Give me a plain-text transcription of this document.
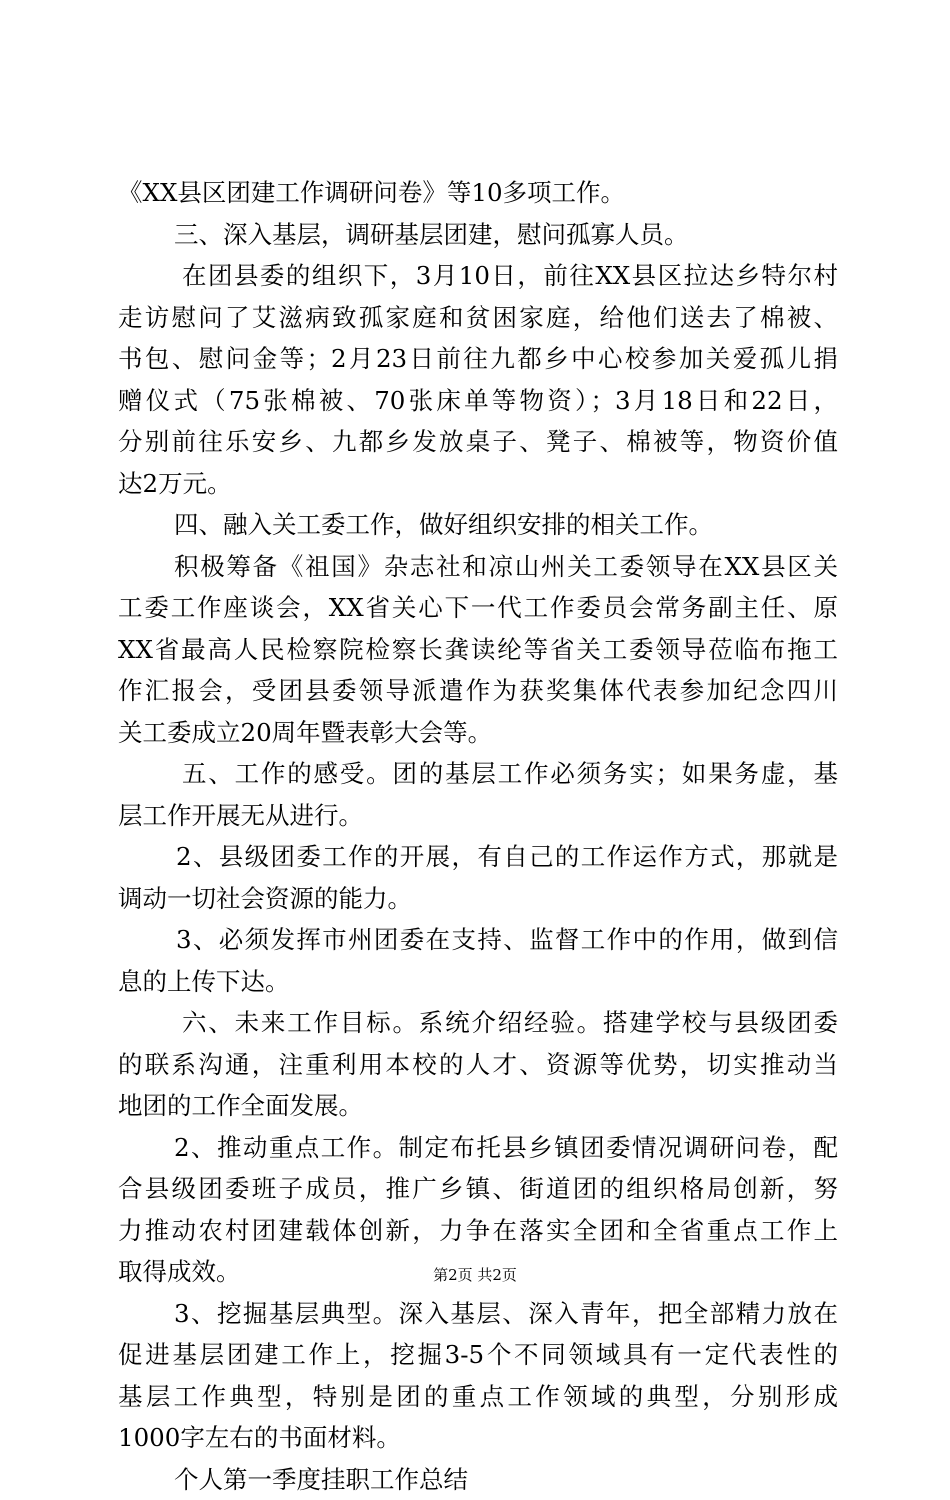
《XX县区团建工作调研问卷》等10多项工作。
三、深入基层，调研基层团建，慰问孤寡人员。
在团县委的组织下，3月10日，前往XX县区拉达乡特尔村
走访慰问了艾滋病致孤家庭和贫困家庭，给他们送去了棉被、
书包、慰问金等；2月23日前往九都乡中心校参加关爱孤儿捐
赠仪式（75张棉被、70张床单等物资）；3月18日和22日，
分别前往乐安乡、九都乡发放桌子、凳子、棉被等，物资价值
达2万元。
四、融入关工委工作，做好组织安排的相关工作。
积极筹备《祖国》杂志社和凉山州关工委领导在XX县区关
工委工作座谈会，XX省关心下一代工作委员会常务副主任、原
XX省最高人民检察院检察长龚读纶等省关工委领导莅临布拖工
作汇报会，受团县委领导派遣作为获奖集体代表参加纪念四川
关工委成立20周年暨表彰大会等。
五、工作的感受。团的基层工作必须务实；如果务虚，基
层工作开展无从进行。
2、县级团委工作的开展，有自己的工作运作方式，那就是
调动一切社会资源的能力。
3、必须发挥市州团委在支持、监督工作中的作用，做到信
息的上传下达。
六、未来工作目标。系统介绍经验。搭建学校与县级团委
的联系沟通，注重利用本校的人才、资源等优势，切实推动当
地团的工作全面发展。
2、推动重点工作。制定布托县乡镇团委情况调研问卷，配
合县级团委班子成员，推广乡镇、街道团的组织格局创新，努
力推动农村团建载体创新，力争在落实全团和全省重点工作上
取得成效。
3、挖掘基层典型。深入基层、深入青年，把全部精力放在
促进基层团建工作上，挖掘3-5个不同领域具有一定代表性的
基层工作典型，特别是团的重点工作领域的典型，分别形成
1000字左右的书面材料。
个人第一季度挂职工作总结
第2页 共2页
